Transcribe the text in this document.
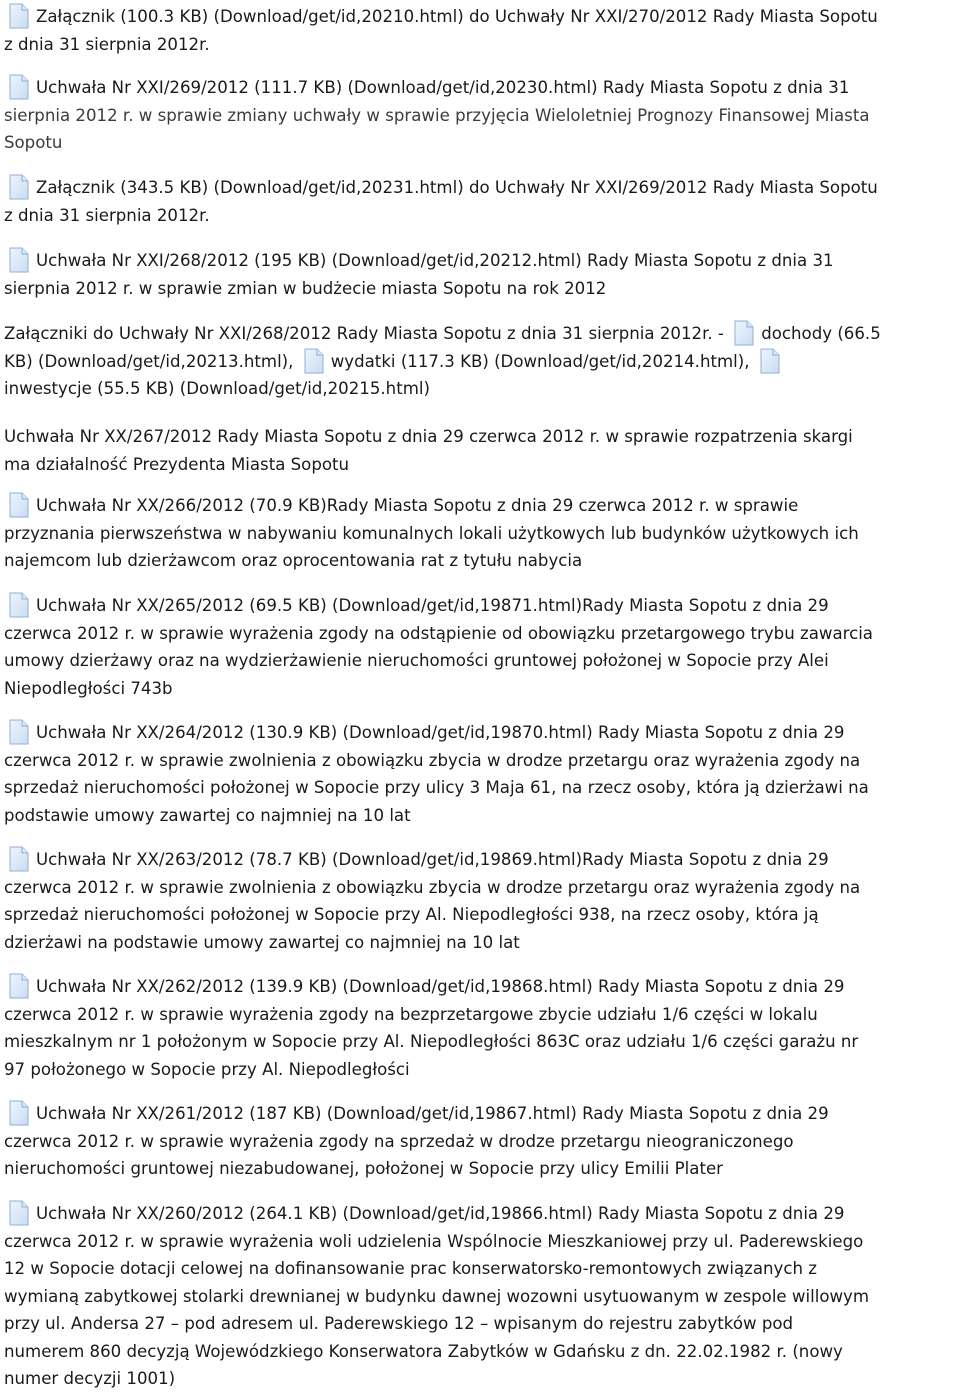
Załącznik (100.3 KB) (Download/get/id,20210.html) do Uchwały Nr XXI/270/2012 Rady Miasta Sopotu
z dnia 31 sierpnia 2012r.
Uchwała Nr XXI/269/2012 (111.7 KB) (Download/get/id,20230.html) Rady Miasta Sopotu z dnia 31
sierpnia 2012 r. w sprawie zmiany uchwały w sprawie przyjęcia Wieloletniej Prognozy Finansowej Miasta
Sopotu
Załącznik (343.5 KB) (Download/get/id,20231.html) do Uchwały Nr XXI/269/2012 Rady Miasta Sopotu
z dnia 31 sierpnia 2012r.
Uchwała Nr XXI/268/2012 (195 KB) (Download/get/id,20212.html) Rady Miasta Sopotu z dnia 31
sierpnia 2012 r. w sprawie zmian w budżecie miasta Sopotu na rok 2012
Załączniki do Uchwały Nr XXI/268/2012 Rady Miasta Sopotu z dnia 31 sierpnia 2012r. - dochody (66.5
KB) (Download/get/id,20213.html), wydatki (117.3 KB) (Download/get/id,20214.html),

inwestycje (55.5 KB) (Download/get/id,20215.html)
Uchwała Nr XX/267/2012 Rady Miasta Sopotu z dnia 29 czerwca 2012 r. w sprawie rozpatrzenia skargi
ma działalność Prezydenta Miasta Sopotu
Uchwała Nr XX/266/2012 (70.9 KB)Rady Miasta Sopotu z dnia 29 czerwca 2012 r. w sprawie
przyznania pierwszeństwa w nabywaniu komunalnych lokali użytkowych lub budynków użytkowych ich
najemcom lub dzierżawcom oraz oprocentowania rat z tytułu nabycia
Uchwała Nr XX/265/2012 (69.5 KB) (Download/get/id,19871.html)Rady Miasta Sopotu z dnia 29
czerwca 2012 r. w sprawie wyrażenia zgody na odstąpienie od obowiązku przetargowego trybu zawarcia
umowy dzierżawy oraz na wydzierżawienie nieruchomości gruntowej położonej w Sopocie przy Alei
Niepodległości 743b
Uchwała Nr XX/264/2012 (130.9 KB) (Download/get/id,19870.html) Rady Miasta Sopotu z dnia 29
czerwca 2012 r. w sprawie zwolnienia z obowiązku zbycia w drodze przetargu oraz wyrażenia zgody na
sprzedaż nieruchomości położonej w Sopocie przy ulicy 3 Maja 61, na rzecz osoby, która ją dzierżawi na
podstawie umowy zawartej co najmniej na 10 lat
Uchwała Nr XX/263/2012 (78.7 KB) (Download/get/id,19869.html)Rady Miasta Sopotu z dnia 29
czerwca 2012 r. w sprawie zwolnienia z obowiązku zbycia w drodze przetargu oraz wyrażenia zgody na
sprzedaż nieruchomości położonej w Sopocie przy Al. Niepodległości 938, na rzecz osoby, która ją
dzierżawi na podstawie umowy zawartej co najmniej na 10 lat
Uchwała Nr XX/262/2012 (139.9 KB) (Download/get/id,19868.html) Rady Miasta Sopotu z dnia 29
czerwca 2012 r. w sprawie wyrażenia zgody na bezprzetargowe zbycie udziału 1/6 części w lokalu
mieszkalnym nr 1 położonym w Sopocie przy Al. Niepodległości 863C oraz udziału 1/6 części garażu nr
97 położonego w Sopocie przy Al. Niepodległości
Uchwała Nr XX/261/2012 (187 KB) (Download/get/id,19867.html) Rady Miasta Sopotu z dnia 29
czerwca 2012 r. w sprawie wyrażenia zgody na sprzedaż w drodze przetargu nieograniczonego
nieruchomości gruntowej niezabudowanej, położonej w Sopocie przy ulicy Emilii Plater
Uchwała Nr XX/260/2012 (264.1 KB) (Download/get/id,19866.html) Rady Miasta Sopotu z dnia 29
czerwca 2012 r. w sprawie wyrażenia woli udzielenia Wspólnocie Mieszkaniowej przy ul. Paderewskiego
12 w Sopocie dotacji celowej na dofinansowanie prac konserwatorsko-remontowych związanych z
wymianą zabytkowej stolarki drewnianej w budynku dawnej wozowni usytuowanym w zespole willowym
przy ul. Andersa 27 – pod adresem ul. Paderewskiego 12 – wpisanym do rejestru zabytków pod
numerem 860 decyzją Wojewódzkiego Konserwatora Zabytków w Gdańsku z dn. 22.02.1982 r. (nowy
numer decyzji 1001)
